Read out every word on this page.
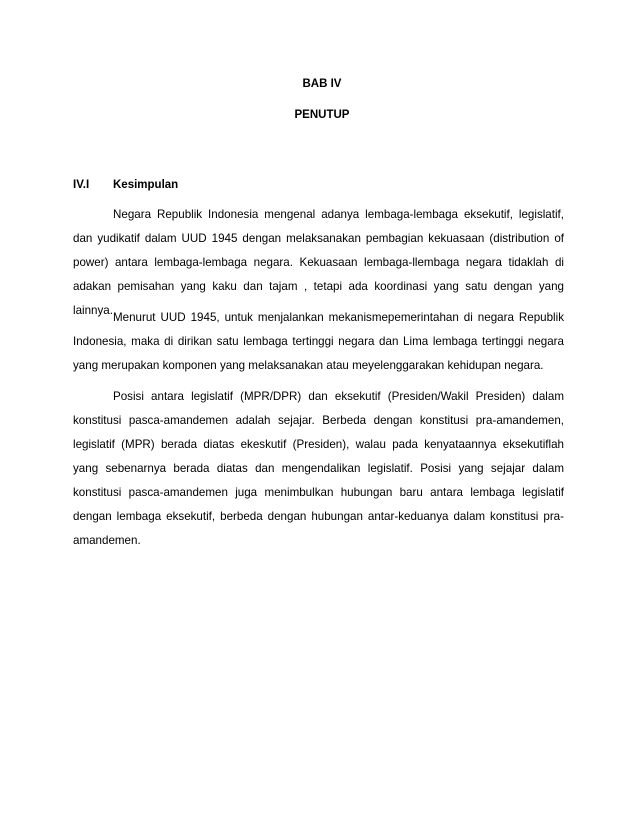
BAB IV
PENUTUP
IV.I Kesimpulan

Negara Republik Indonesia mengenal adanya lembaga-lembaga eksekutif, legislatif, dan yudikatif dalam UUD 1945 dengan melaksanakan pembagian kekuasaan (distribution of power) antara lembaga-lembaga negara. Kekuasaan lembaga-llembaga negara tidaklah di adakan pemisahan yang kaku dan tajam , tetapi ada koordinasi yang satu dengan yang lainnya.

Menurut UUD 1945, untuk menjalankan mekanismepemerintahan di negara Republik Indonesia, maka di dirikan satu lembaga tertinggi negara dan Lima lembaga tertinggi negara yang merupakan komponen yang melaksanakan atau meyelenggarakan kehidupan negara.

Posisi antara legislatif (MPR/DPR) dan eksekutif (Presiden/Wakil Presiden) dalam konstitusi pasca-amandemen adalah sejajar. Berbeda dengan konstitusi pra-amandemen, legislatif (MPR) berada diatas ekeskutif (Presiden), walau pada kenyataannya eksekutiflah yang sebenarnya berada diatas dan mengendalikan legislatif. Posisi yang sejajar dalam konstitusi pasca-amandemen juga menimbulkan hubungan baru antara lembaga legislatif dengan lembaga eksekutif, berbeda dengan hubungan antar-keduanya dalam konstitusi pra-amandemen.
